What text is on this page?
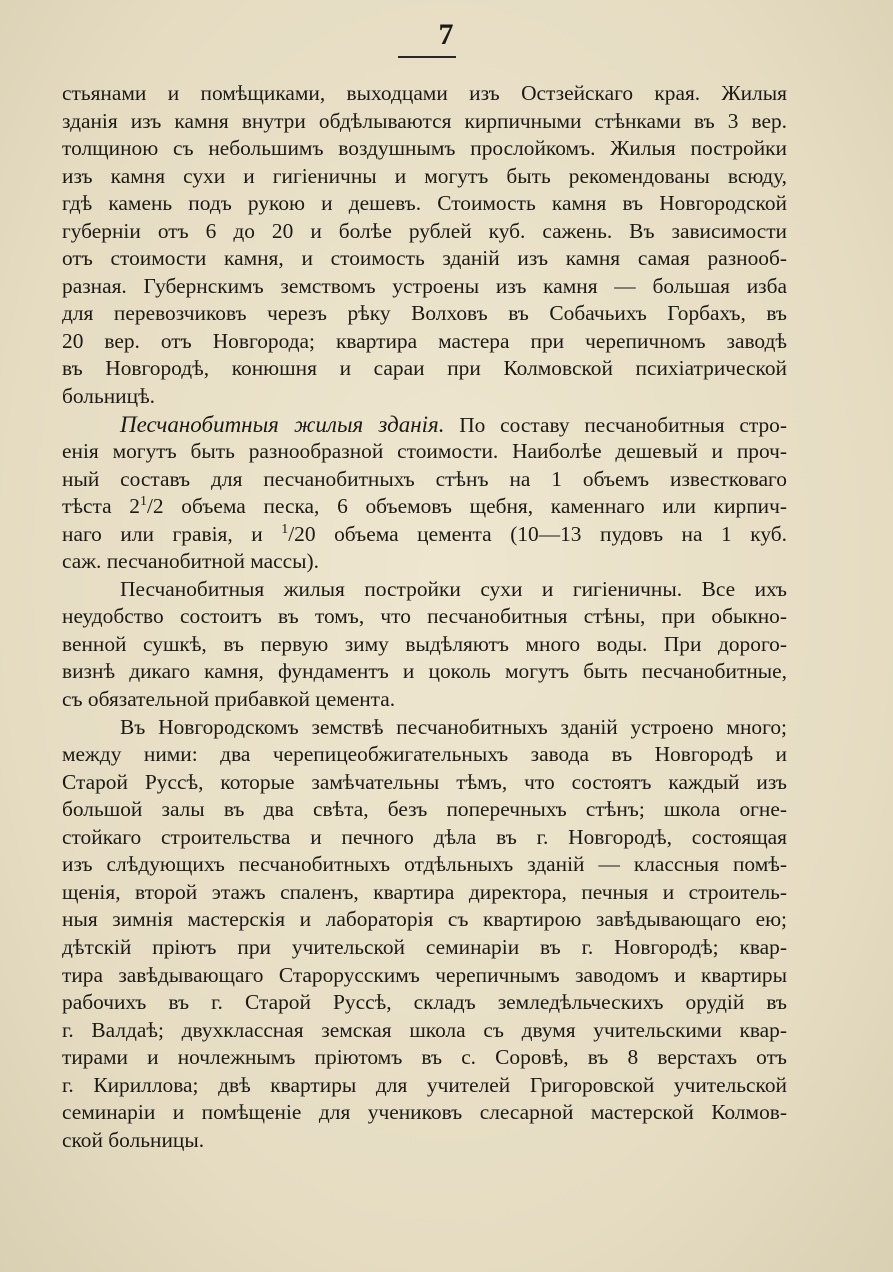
7
стьянами и помѣщиками, выходцами изъ Остзейскаго края. Жилыя
зданія изъ камня внутри обдѣлываются кирпичными стѣнками въ 3 вер.
толщиною съ небольшимъ воздушнымъ прослойкомъ. Жилыя постройки
изъ камня сухи и гигіеничны и могутъ быть рекомендованы всюду,
гдѣ камень подъ рукою и дешевъ. Стоимость камня въ Новгородской
губерніи отъ 6 до 20 и болѣе рублей куб. сажень. Въ зависимости
отъ стоимости камня, и стоимость зданій изъ камня самая разнооб-
разная. Губернскимъ земствомъ устроены изъ камня — большая изба
для перевозчиковъ черезъ рѣку Волховъ въ Собачьихъ Горбахъ, въ
20 вер. отъ Новгорода; квартира мастера при черепичномъ заводѣ
въ Новгородѣ, конюшня и сараи при Колмовской психіатрической
больницѣ.
Песчанобитныя жилыя зданія. По составу песчанобитныя стро-
енія могутъ быть разнообразной стоимости. Наиболѣе дешевый и проч-
ный составъ для песчанобитныхъ стѣнъ на 1 объемъ известковаго
тѣста $2^1/2$ объема песка, 6 объемовъ щебня, каменнаго или кирпич-
наго или гравія, и $^1$/20 объема цемента (10—13 пудовъ на 1 куб.
саж. песчанобитной массы).
Песчанобитныя жилыя постройки сухи и гигіеничны. Все ихъ
неудобство состоитъ въ томъ, что песчанобитныя стѣны, при обыкно-
венной сушкѣ, въ первую зиму выдѣляютъ много воды. При дорого-
визнѣ дикаго камня, фундаментъ и цоколь могутъ быть песчанобитные,
съ обязательной прибавкой цемента.
Въ Новгородскомъ земствѣ песчанобитныхъ зданій устроено много;
между ними: два черепицеобжигательныхъ завода въ Новгородѣ и
Старой Руссѣ, которые замѣчательны тѣмъ, что состоятъ каждый изъ
большой залы въ два свѣта, безъ поперечныхъ стѣнъ; школа огне-
стойкаго строительства и печного дѣла въ г. Новгородѣ, состоящая
изъ слѣдующихъ песчанобитныхъ отдѣльныхъ зданій — классныя помѣ-
щенія, второй этажъ спаленъ, квартира директора, печныя и строитель-
ныя зимнія мастерскія и лабораторія съ квартирою завѣдывающаго ею;
дѣтскій пріютъ при учительской семинаріи въ г. Новгородѣ; квар-
тира завѣдывающаго Старорусскимъ черепичнымъ заводомъ и квартиры
рабочихъ въ г. Старой Руссѣ, складъ земледѣльческихъ орудій въ
г. Валдаѣ; двухклассная земская школа съ двумя учительскими квар-
тирами и ночлежнымъ пріютомъ въ с. Соровѣ, въ 8 верстахъ отъ
г. Кириллова; двѣ квартиры для учителей Григоровской учительской
семинаріи и помѣщеніе для учениковъ слесарной мастерской Колмов-
ской больницы.
